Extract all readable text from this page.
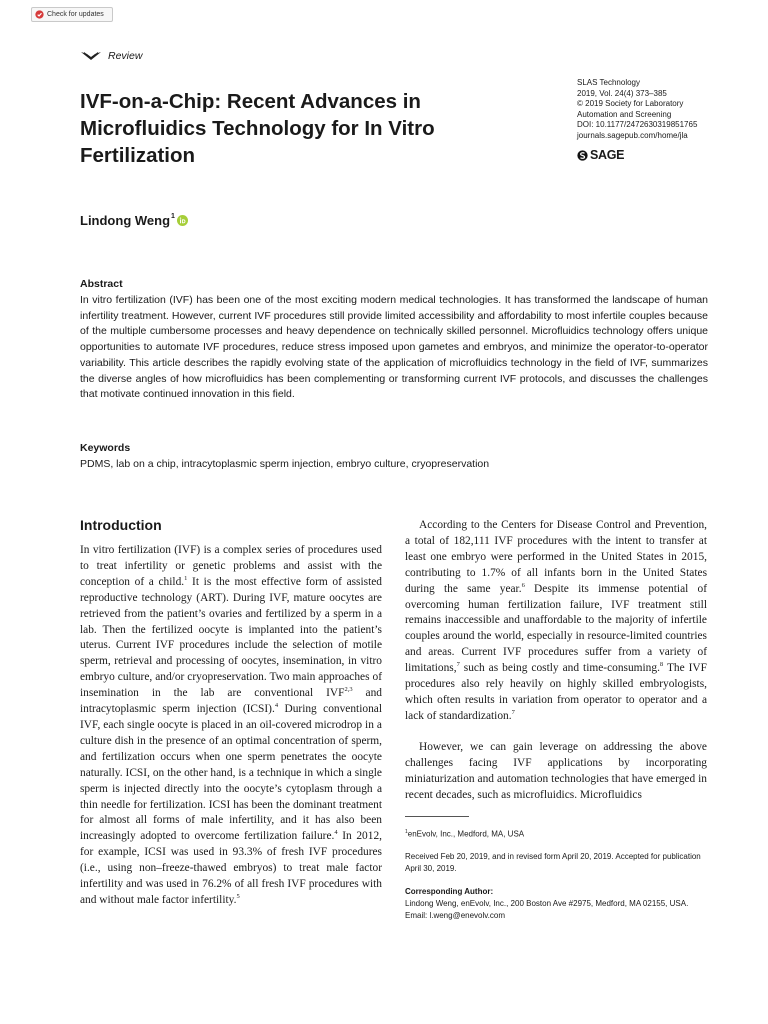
Check for updates
Review
IVF-on-a-Chip: Recent Advances in Microfluidics Technology for In Vitro Fertilization
SLAS Technology
2019, Vol. 24(4) 373–385
© 2019 Society for Laboratory
Automation and Screening
DOI: 10.1177/2472630319851765
journals.sagepub.com/home/jla
SAGE
Lindong Weng 1
Abstract

In vitro fertilization (IVF) has been one of the most exciting modern medical technologies. It has transformed the landscape of human infertility treatment. However, current IVF procedures still provide limited accessibility and affordability to most infertile couples because of the multiple cumbersome processes and heavy dependence on technically skilled personnel. Microfluidics technology offers unique opportunities to automate IVF procedures, reduce stress imposed upon gametes and embryos, and minimize the operator-to-operator variability. This article describes the rapidly evolving state of the application of microfluidics technology in the field of IVF, summarizes the diverse angles of how microfluidics has been complementing or transforming current IVF protocols, and discusses the challenges that motivate continued innovation in this field.

Keywords
PDMS, lab on a chip, intracytoplasmic sperm injection, embryo culture, cryopreservation
Introduction

In vitro fertilization (IVF) is a complex series of procedures used to treat infertility or genetic problems and assist with the conception of a child.$^1$ It is the most effective form of assisted reproductive technology (ART). During IVF, mature oocytes are retrieved from the patient’s ovaries and fertilized by a sperm in a lab. Then the fertilized oocyte is implanted into the patient’s uterus. Current IVF procedures include the selection of motile sperm, retrieval and processing of oocytes, insemination, in vitro embryo culture, and/or cryopreservation. Two main approaches of insemination in the lab are conventional IVF$^{2,3}$ and intracytoplasmic sperm injection (ICSI).$^4$ During conventional IVF, each single oocyte is placed in an oil-covered microdrop in a culture dish in the presence of an optimal concentration of sperm, and fertilization occurs when one sperm penetrates the oocyte naturally. ICSI, on the other hand, is a technique in which a single sperm is injected directly into the oocyte’s cytoplasm through a thin needle for fertilization. ICSI has been the dominant treatment for almost all forms of male infertility, and it has also been increasingly adopted to overcome fertilization failure.$^4$ In 2012, for example, ICSI was used in 93.3% of fresh IVF procedures (i.e., using non–freeze-thawed embryos) to treat male factor infertility and was used in 76.2% of all fresh IVF procedures with and without male factor infertility.$^5$

According to the Centers for Disease Control and Prevention, a total of 182,111 IVF procedures with the intent to transfer at least one embryo were performed in the United States in 2015, contributing to 1.7% of all infants born in the United States during the same year.$^6$ Despite its immense potential of overcoming human fertilization failure, IVF treatment still remains inaccessible and unaffordable to the majority of infertile couples around the world, especially in resource-limited countries and areas. Current IVF procedures suffer from a variety of limitations,$^7$ such as being costly and time-consuming.$^8$ The IVF procedures also rely heavily on highly skilled embryologists, which often results in variation from operator to operator and a lack of standardization.$^7$

However, we can gain leverage on addressing the above challenges facing IVF applications by incorporating miniaturization and automation technologies that have emerged in recent decades, such as microfluidics. Microfluidics

$^1$enEvolv, Inc., Medford, MA, USA
Received Feb 20, 2019, and in revised form April 20, 2019. Accepted for publication April 30, 2019.
Corresponding Author:
Lindong Weng, enEvolv, Inc., 200 Boston Ave #2975, Medford, MA 02155, USA.
Email: l.weng@enevolv.com
